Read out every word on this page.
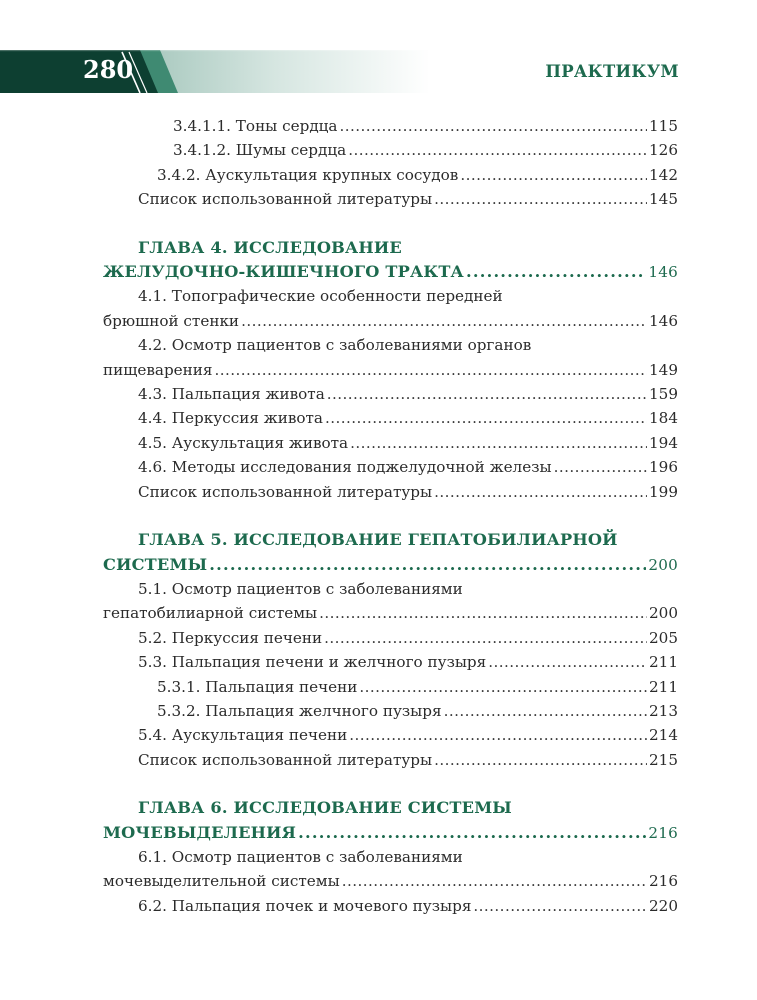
280	ПРАКТИКУМ
3.4.1.1. Тоны сердца . . .	115
3.4.1.2. Шумы сердца . . .	126
3.4.2. Аускультация крупных сосудов . . .	142
Список использованной литературы . . .	145
ГЛАВА 4. ИССЛЕДОВАНИЕ
ЖЕЛУДОЧНО-КИШЕЧНОГО ТРАКТА . . .	146
4.1. Топографические особенности передней
брюшной стенки . . .	146
4.2. Осмотр пациентов с заболеваниями органов
пищеварения . . .	149
4.3. Пальпация живота . . .	159
4.4. Перкуссия живота . . .	184
4.5. Аускультация живота . . .	194
4.6. Методы исследования поджелудочной железы . . .	196
Список использованной литературы . . .	199
ГЛАВА 5. ИССЛЕДОВАНИЕ ГЕПАТОБИЛИАРНОЙ
СИСТЕМЫ . . .	200
5.1. Осмотр пациентов с заболеваниями
гепатобилиарной системы . . .	200
5.2. Перкуссия печени . . .	205
5.3. Пальпация печени и желчного пузыря . . .	211
5.3.1. Пальпация печени . . .	211
5.3.2. Пальпация желчного пузыря . . .	213
5.4. Аускультация печени . . .	214
Список использованной литературы . . .	215
ГЛАВА 6. ИССЛЕДОВАНИЕ СИСТЕМЫ
МОЧЕВЫДЕЛЕНИЯ . . .	216
6.1. Осмотр пациентов с заболеваниями
мочевыделительной системы . . .	216
6.2. Пальпация почек и мочевого пузыря . . .	220
